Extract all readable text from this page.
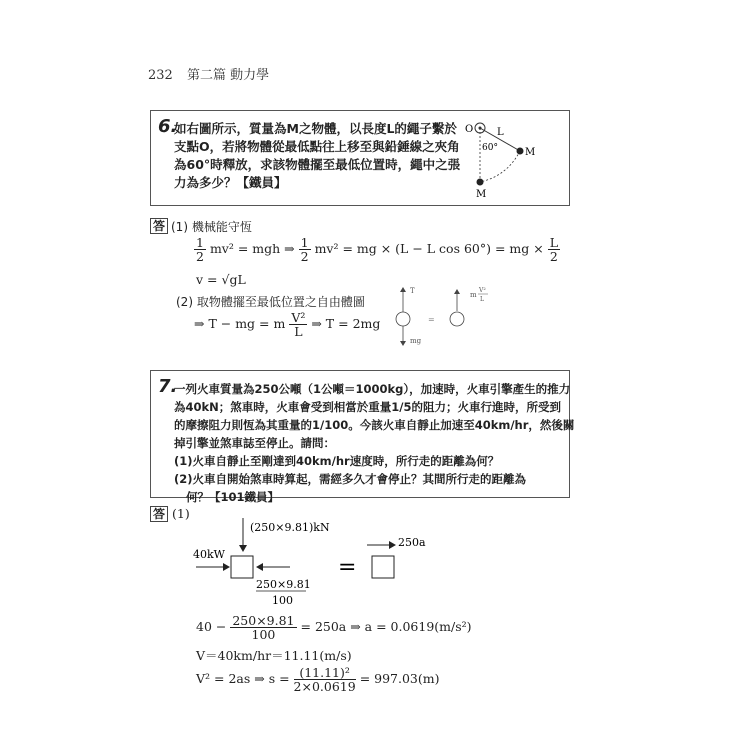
232 第二篇 動力學
6.
如右圖所示，質量為M之物體，以長度L的繩子繫於
支點O，若將物體從最低點往上移至與鉛錘線之夾角
為60°時釋放，求該物體擺至最低位置時，繩中之張
力為多少？【鐵員】
O L
60°	M
M
答 (1) 機械能守恆
$\frac{1}{2} mv^2$ = mgh ⇒ $\frac{1}{2} mv^2$ = mg × (L − L cos 60°) = mg × $\frac{L}{2}$
v = √gL
(2) 取物體擺至最低位置之自由體圖
⇒ T − mg = m $\frac{\text{V²}}{L}$ ⇒ T = 2mg
T
mg
=
m
V²
L
7.
一列火車質量為250公噸（1公噸＝1000kg），加速時，火車引擎產生的推力
為40kN；煞車時，火車會受到相當於重量1/5的阻力；火車行進時，所受到
的摩擦阻力則恆為其重量的1/100。今該火車自靜止加速至40km/hr，然後關
掉引擎並煞車誌至停止。請問：
(1)火車自靜止至剛達到40km/hr速度時，所行走的距離為何？
(2)火車自開始煞車時算起，需經多久才會停止？其間所行走的距離為
何？【101鐵員】
答 (1)
(250×9.81)kN
40kW
250×9.81
100
=
250a
$40 - \frac{250\times 9.81}{100} = 250a$ ⇒ a = 0.0619(m/s²)
V＝40km/hr＝11.11(m/s)
V² = 2as ⇒ $s = \frac{\text{(11.11)²}}{2\times 0.0619} = 997.03(m)$
